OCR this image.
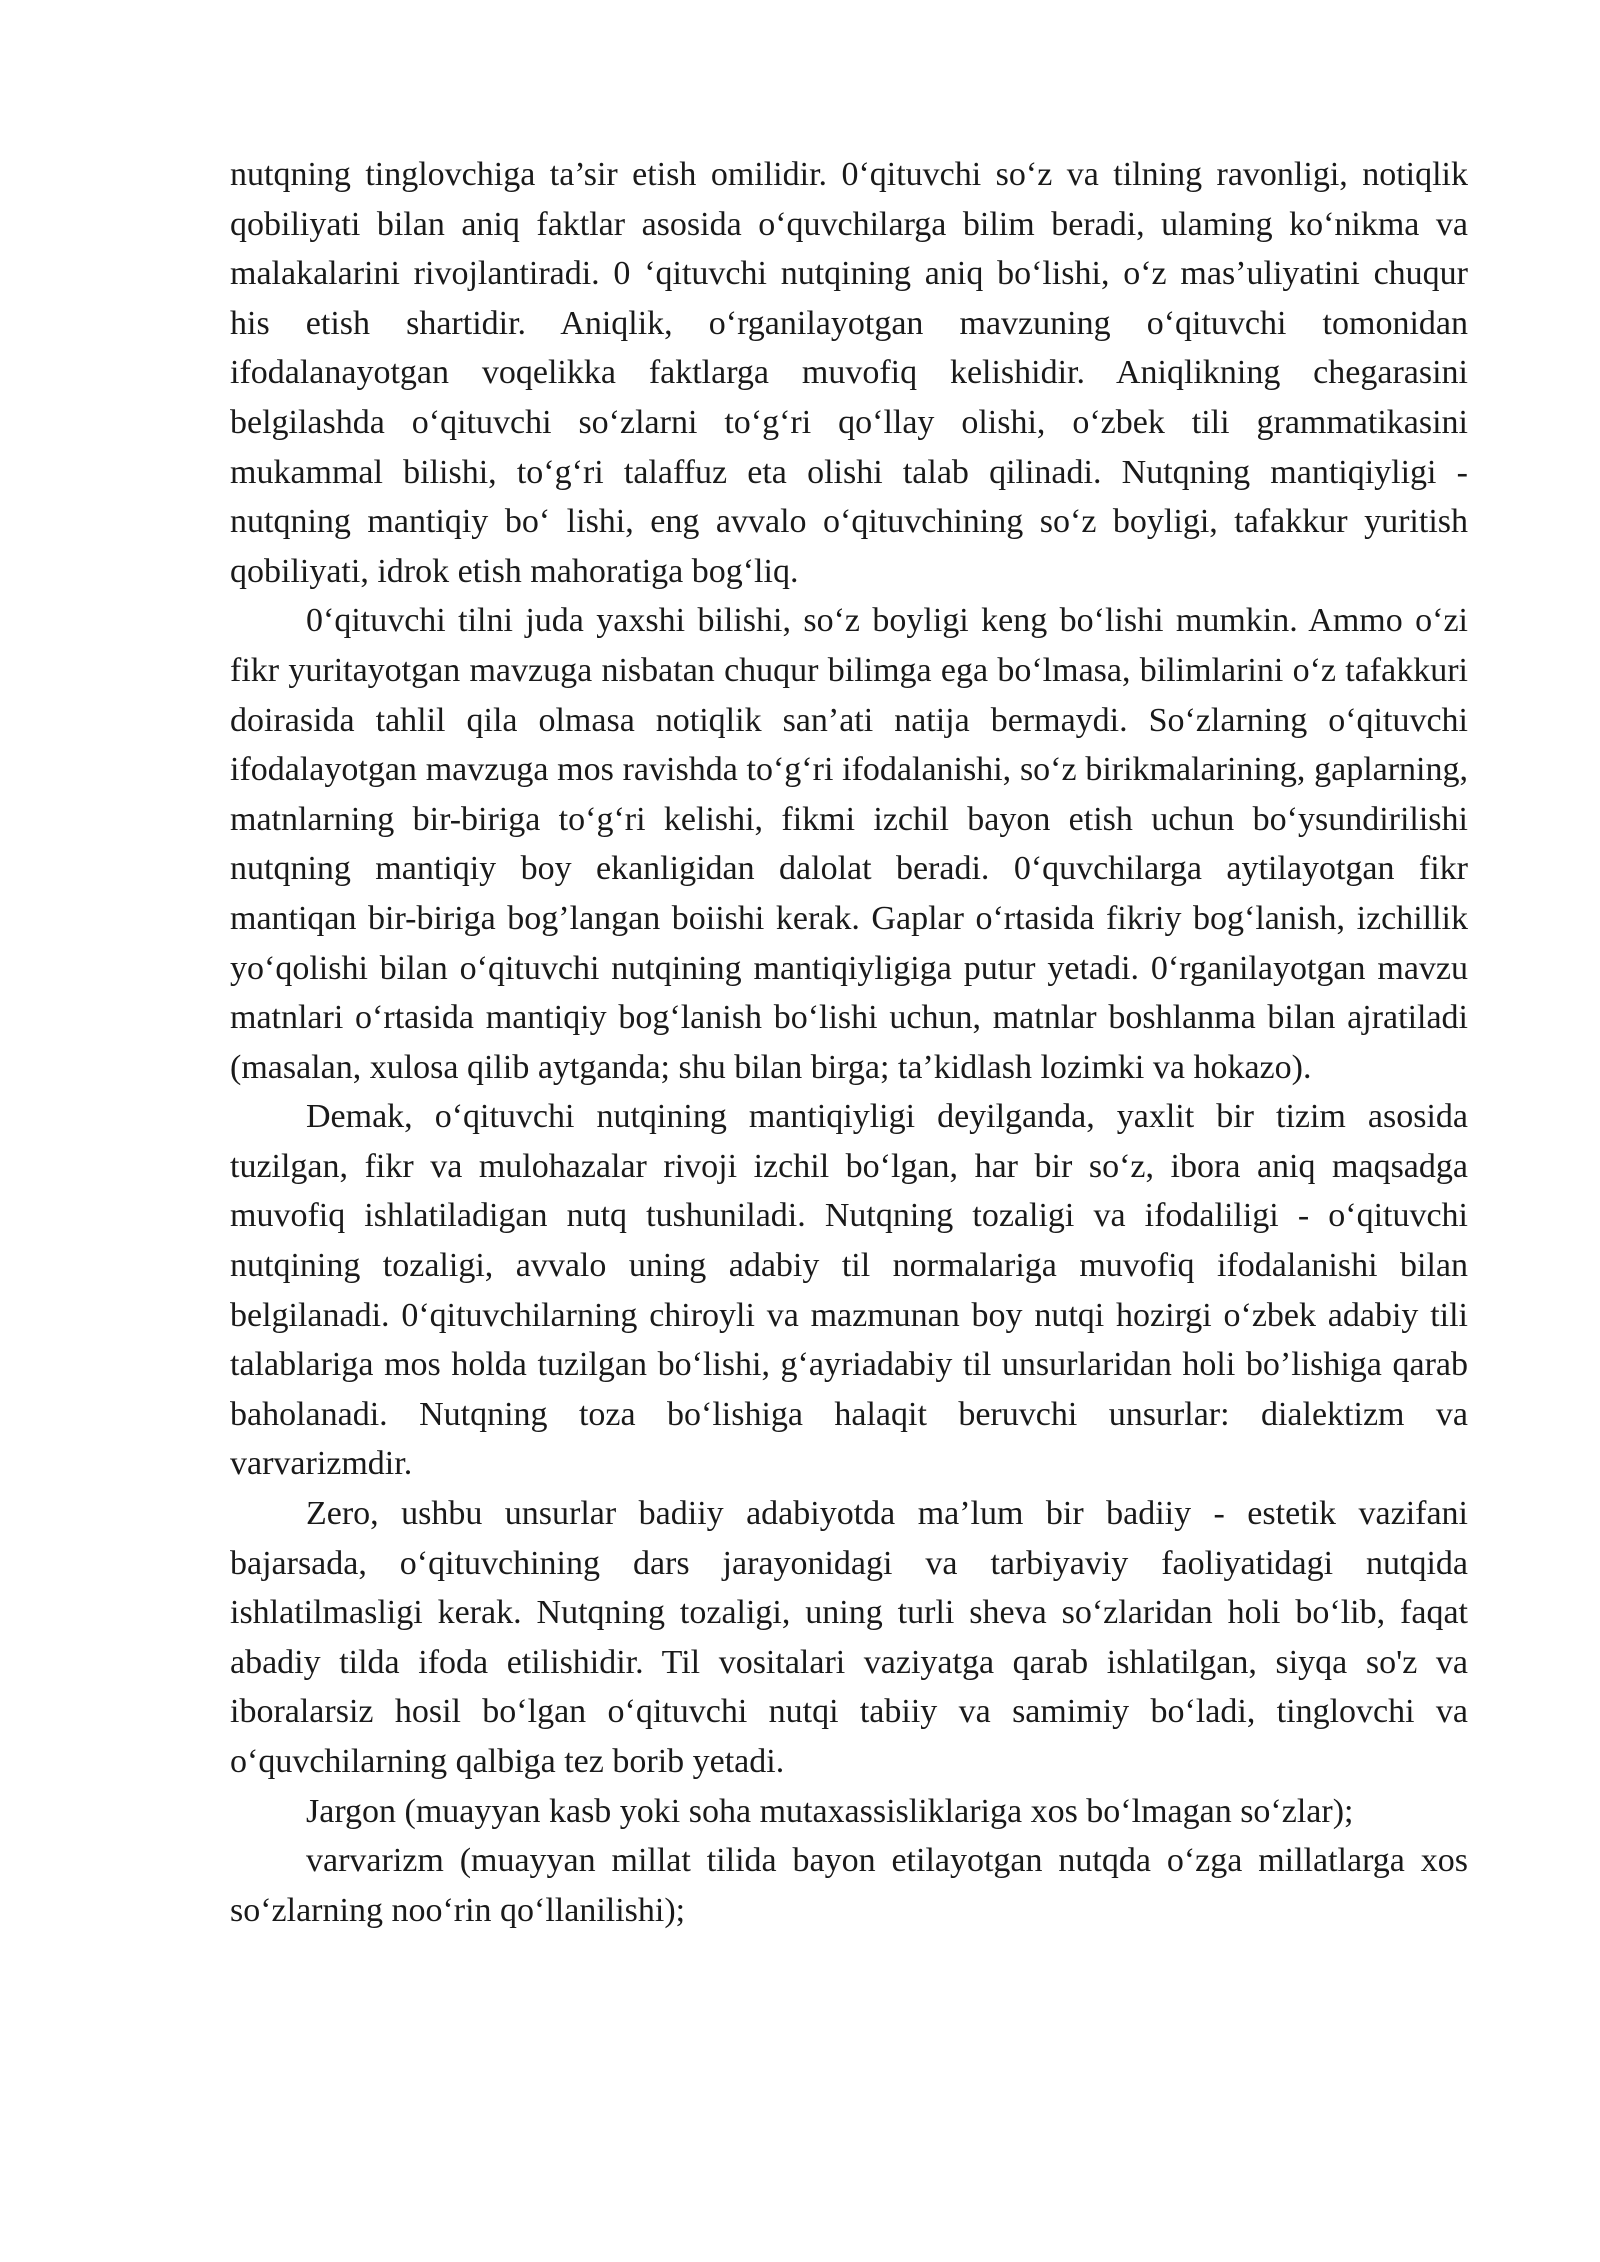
nutqning tinglovchiga ta’sir etish omilidir. 0‘qituvchi so‘z va tilning ravonligi, notiqlik qobiliyati bilan aniq faktlar asosida o‘quvchilarga bilim beradi, ulaming ko‘nikma va malakalarini rivojlantiradi. 0 ‘qituvchi nutqining aniq bo‘lishi, o‘z mas’uliyatini chuqur his etish shartidir. Aniqlik, o‘rganilayotgan mavzuning o‘qituvchi tomonidan ifodalanayotgan voqelikka faktlarga muvofiq kelishidir. Aniqlikning chegarasini belgilashda o‘qituvchi so‘zlarni to‘g‘ri qo‘llay olishi, o‘zbek tili grammatikasini mukammal bilishi, to‘g‘ri talaffuz eta olishi talab qilinadi. Nutqning mantiqiyligi - nutqning mantiqiy bo‘ lishi, eng avvalo o‘qituvchining so‘z boyligi, tafakkur yuritish qobiliyati, idrok etish mahoratiga bog‘liq.

0‘qituvchi tilni juda yaxshi bilishi, so‘z boyligi keng bo‘lishi mumkin. Ammo o‘zi fikr yuritayotgan mavzuga nisbatan chuqur bilimga ega bo‘lmasa, bilimlarini o‘z tafakkuri doirasida tahlil qila olmasa notiqlik san’ati natija bermaydi. So‘zlarning o‘qituvchi ifodalayotgan mavzuga mos ravishda to‘g‘ri ifodalanishi, so‘z birikmalarining, gaplarning, matnlarning bir-biriga to‘g‘ri kelishi, fikmi izchil bayon etish uchun bo‘ysundirilishi nutqning mantiqiy boy ekanligidan dalolat beradi. 0‘quvchilarga aytilayotgan fikr mantiqan bir-biriga bog’langan boiishi kerak. Gaplar o‘rtasida fikriy bog‘lanish, izchillik yo‘qolishi bilan o‘qituvchi nutqining mantiqiyligiga putur yetadi. 0‘rganilayotgan mavzu matnlari o‘rtasida mantiqiy bog‘lanish bo‘lishi uchun, matnlar boshlanma bilan ajratiladi (masalan, xulosa qilib aytganda; shu bilan birga; ta’kidlash lozimki va hokazo).

Demak, o‘qituvchi nutqining mantiqiyligi deyilganda, yaxlit bir tizim asosida tuzilgan, fikr va mulohazalar rivoji izchil bo‘lgan, har bir so‘z, ibora aniq maqsadga muvofiq ishlatiladigan nutq tushuniladi. Nutqning tozaligi va ifodaliligi - o‘qituvchi nutqining tozaligi, avvalo uning adabiy til normalariga muvofiq ifodalanishi bilan belgilanadi. 0‘qituvchilarning chiroyli va mazmunan boy nutqi hozirgi o‘zbek adabiy tili talablariga mos holda tuzilgan bo‘lishi, g‘ayriadabiy til unsurlaridan holi bo’lishiga qarab baholanadi. Nutqning toza bo‘lishiga halaqit beruvchi unsurlar: dialektizm va varvarizmdir.

Zero, ushbu unsurlar badiiy adabiyotda ma’lum bir badiiy - estetik vazifani bajarsada, o‘qituvchining dars jarayonidagi va tarbiyaviy faoliyatidagi nutqida ishlatilmasligi kerak. Nutqning tozaligi, uning turli sheva so‘zlaridan holi bo‘lib, faqat abadiy tilda ifoda etilishidir. Til vositalari vaziyatga qarab ishlatilgan, siyqa so'z va iboralarsiz hosil bo‘lgan o‘qituvchi nutqi tabiiy va samimiy bo‘ladi, tinglovchi va o‘quvchilarning qalbiga tez borib yetadi.

Jargon (muayyan kasb yoki soha mutaxassisliklariga xos bo‘lmagan so‘zlar);

varvarizm (muayyan millat tilida bayon etilayotgan nutqda o‘zga millatlarga xos so‘zlarning noo‘rin qo‘llanilishi);
